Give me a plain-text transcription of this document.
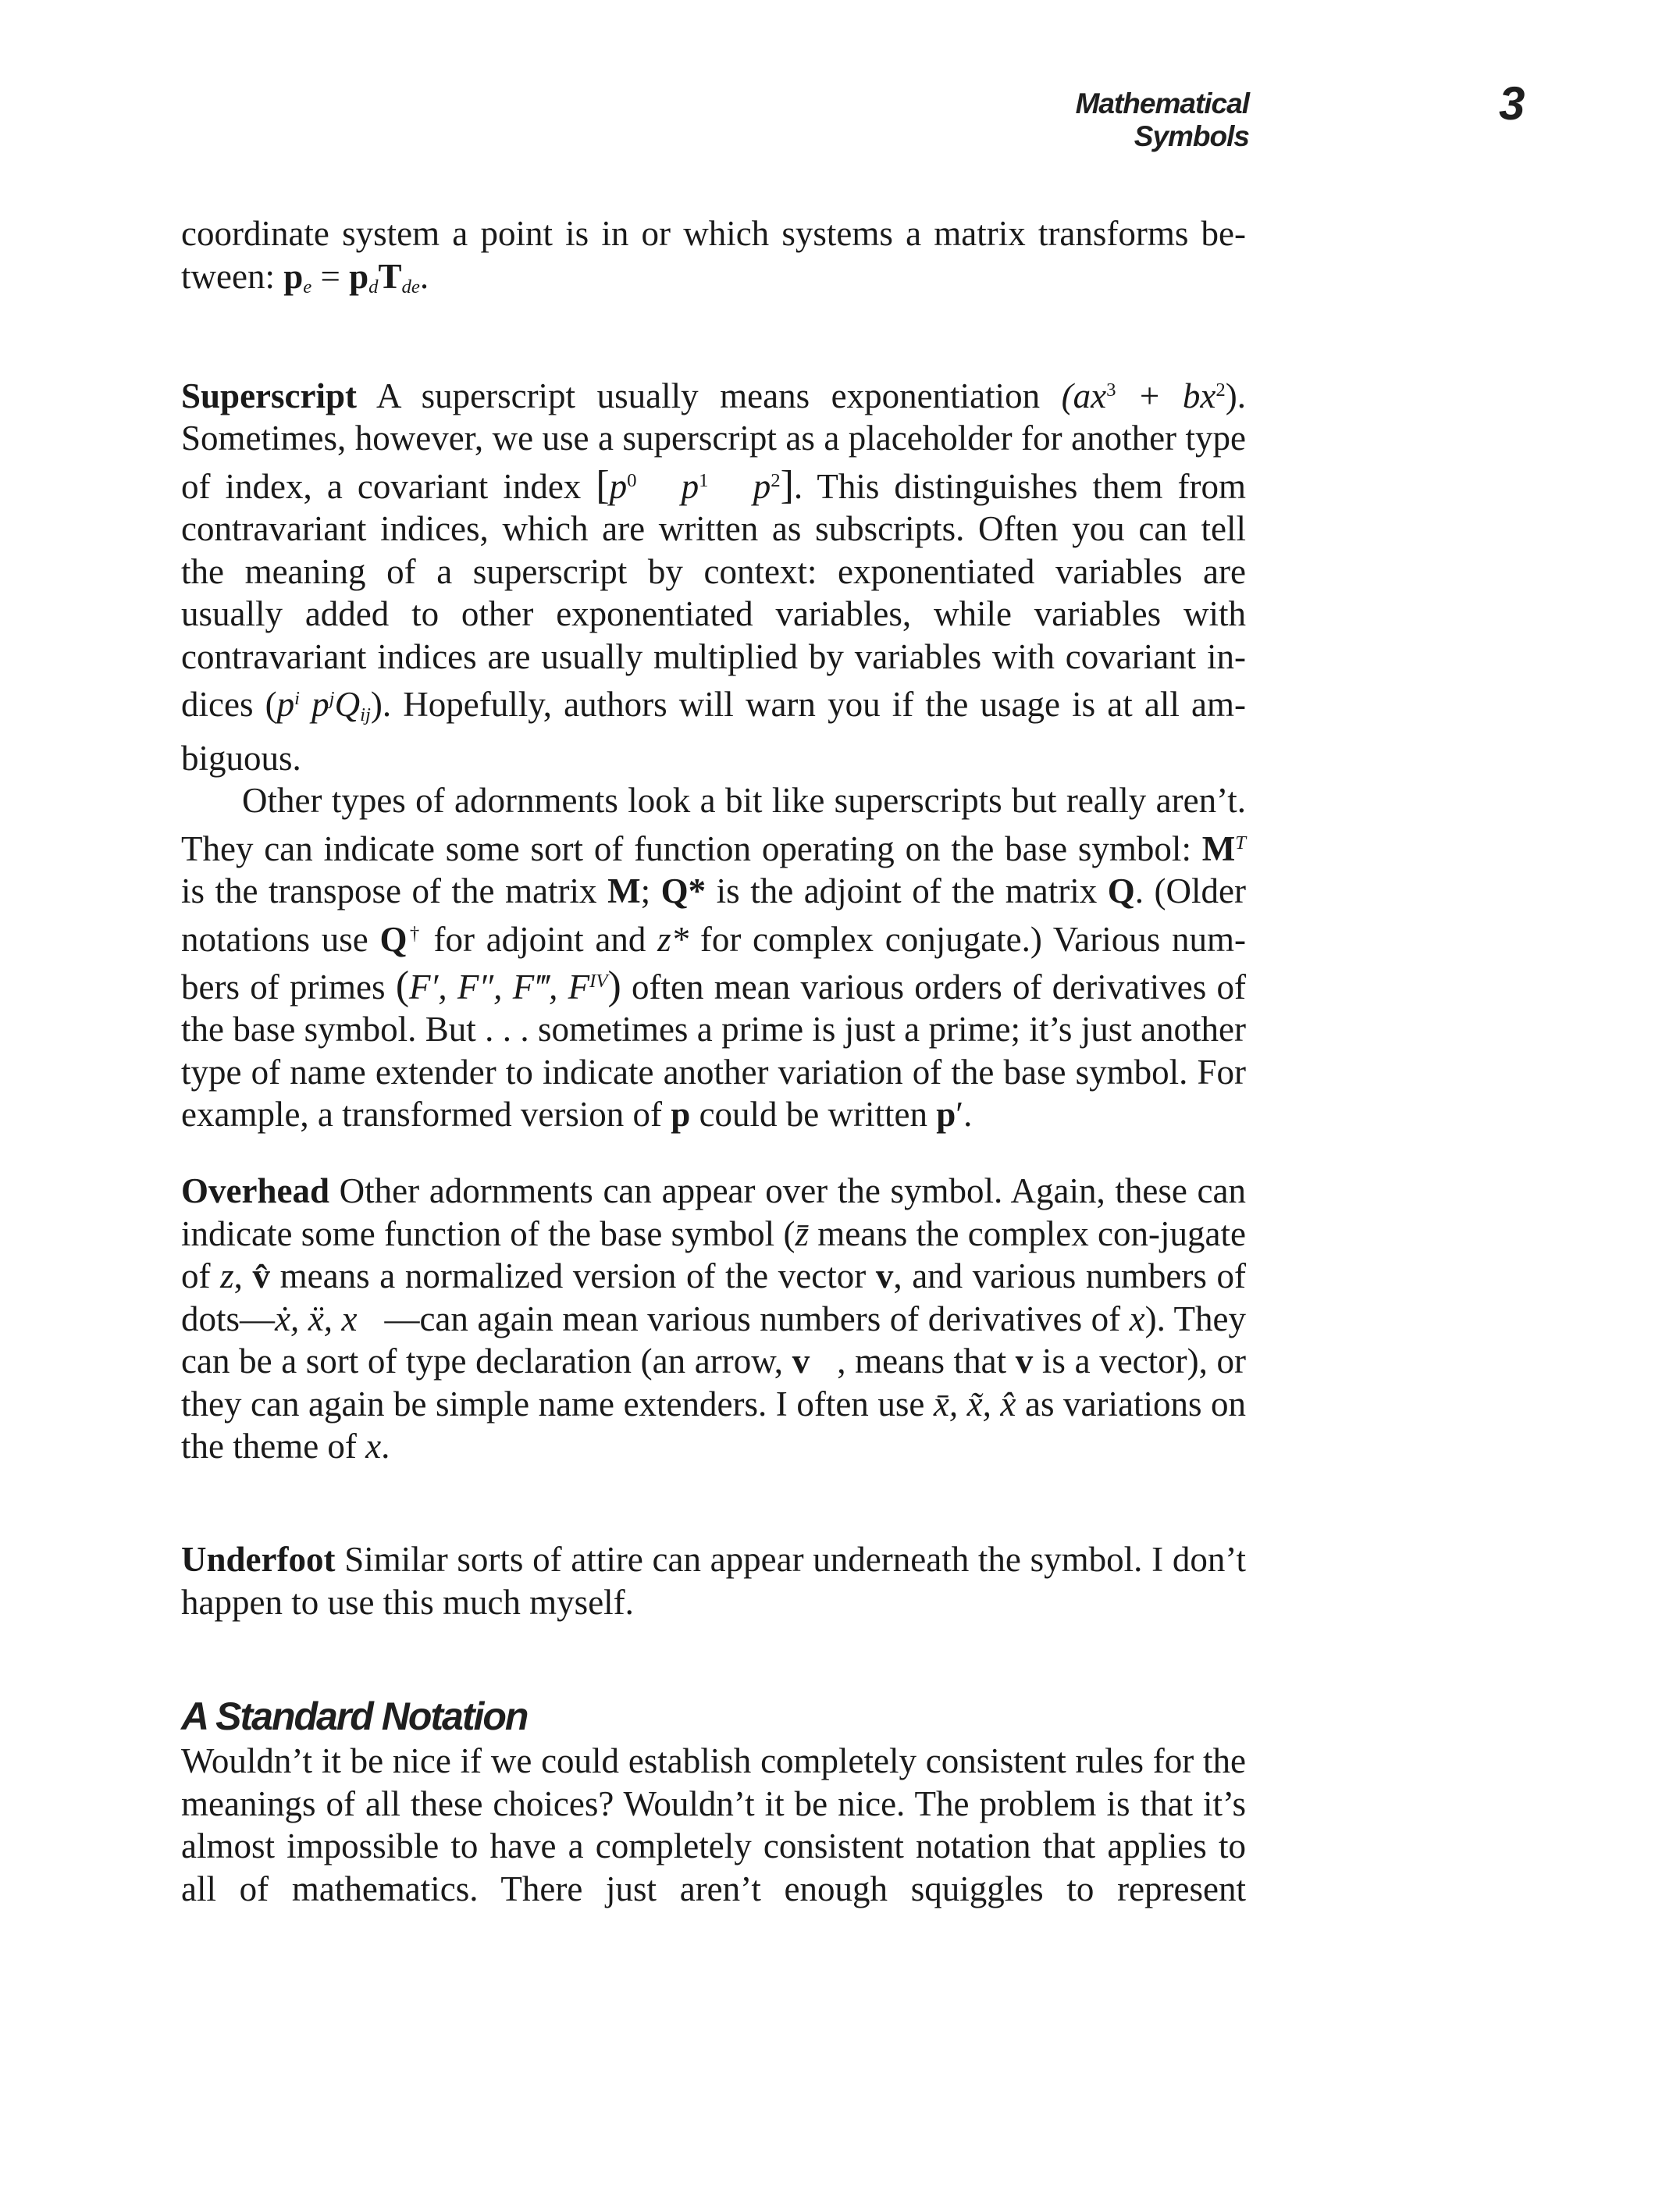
Mathematical Symbols
3

coordinate system a point is in or which systems a matrix transforms be-tween: $p_e = p_dT_{de}$.

Superscript A superscript usually means exponentiation $(ax^3 + bx^2)$. Sometimes, however, we use a superscript as a placeholder for another type of index, a covariant index [$p^0$ $p^1$ $p^2$]. This distinguishes them from contravariant indices, which are written as subscripts. Often you can tell the meaning of a superscript by context: exponentiated variables are usually added to other exponentiated variables, while variables with contravariant indices are usually multiplied by variables with covariant in-dices ($p^i$ $p^jQ_{ij}$). Hopefully, authors will warn you if the usage is at all am-biguous.

Other types of adornments look a bit like superscripts but really aren’t. They can indicate some sort of function operating on the base symbol: $M^T$ is the transpose of the matrix M; Q* is the adjoint of the matrix Q. (Older notations use Q† for adjoint and z* for complex conjugate.) Various num-bers of primes (F′, F″, F‴, $F^{IV}$) often mean various orders of derivatives of the base symbol. But . . . sometimes a prime is just a prime; it’s just another type of name extender to indicate another variation of the base symbol. For example, a transformed version of p could be written p′.

Overhead Other adornments can appear over the symbol. Again, these can indicate some function of the base symbol (z̄ means the complex con-jugate of z, v̂ means a normalized version of the vector v, and various numbers of dots—ẋ, ẍ, x⃛—can again mean various numbers of derivatives of x). They can be a sort of type declaration (an arrow, v⃗, means that v is a vector), or they can again be simple name extenders. I often use x̄, x̃, x̂ as variations on the theme of x.

Underfoot Similar sorts of attire can appear underneath the symbol. I don’t happen to use this much myself.

A Standard Notation

Wouldn’t it be nice if we could establish completely consistent rules for the meanings of all these choices? Wouldn’t it be nice. The problem is that it’s almost impossible to have a completely consistent notation that applies to all of mathematics. There just aren’t enough squiggles to represent
